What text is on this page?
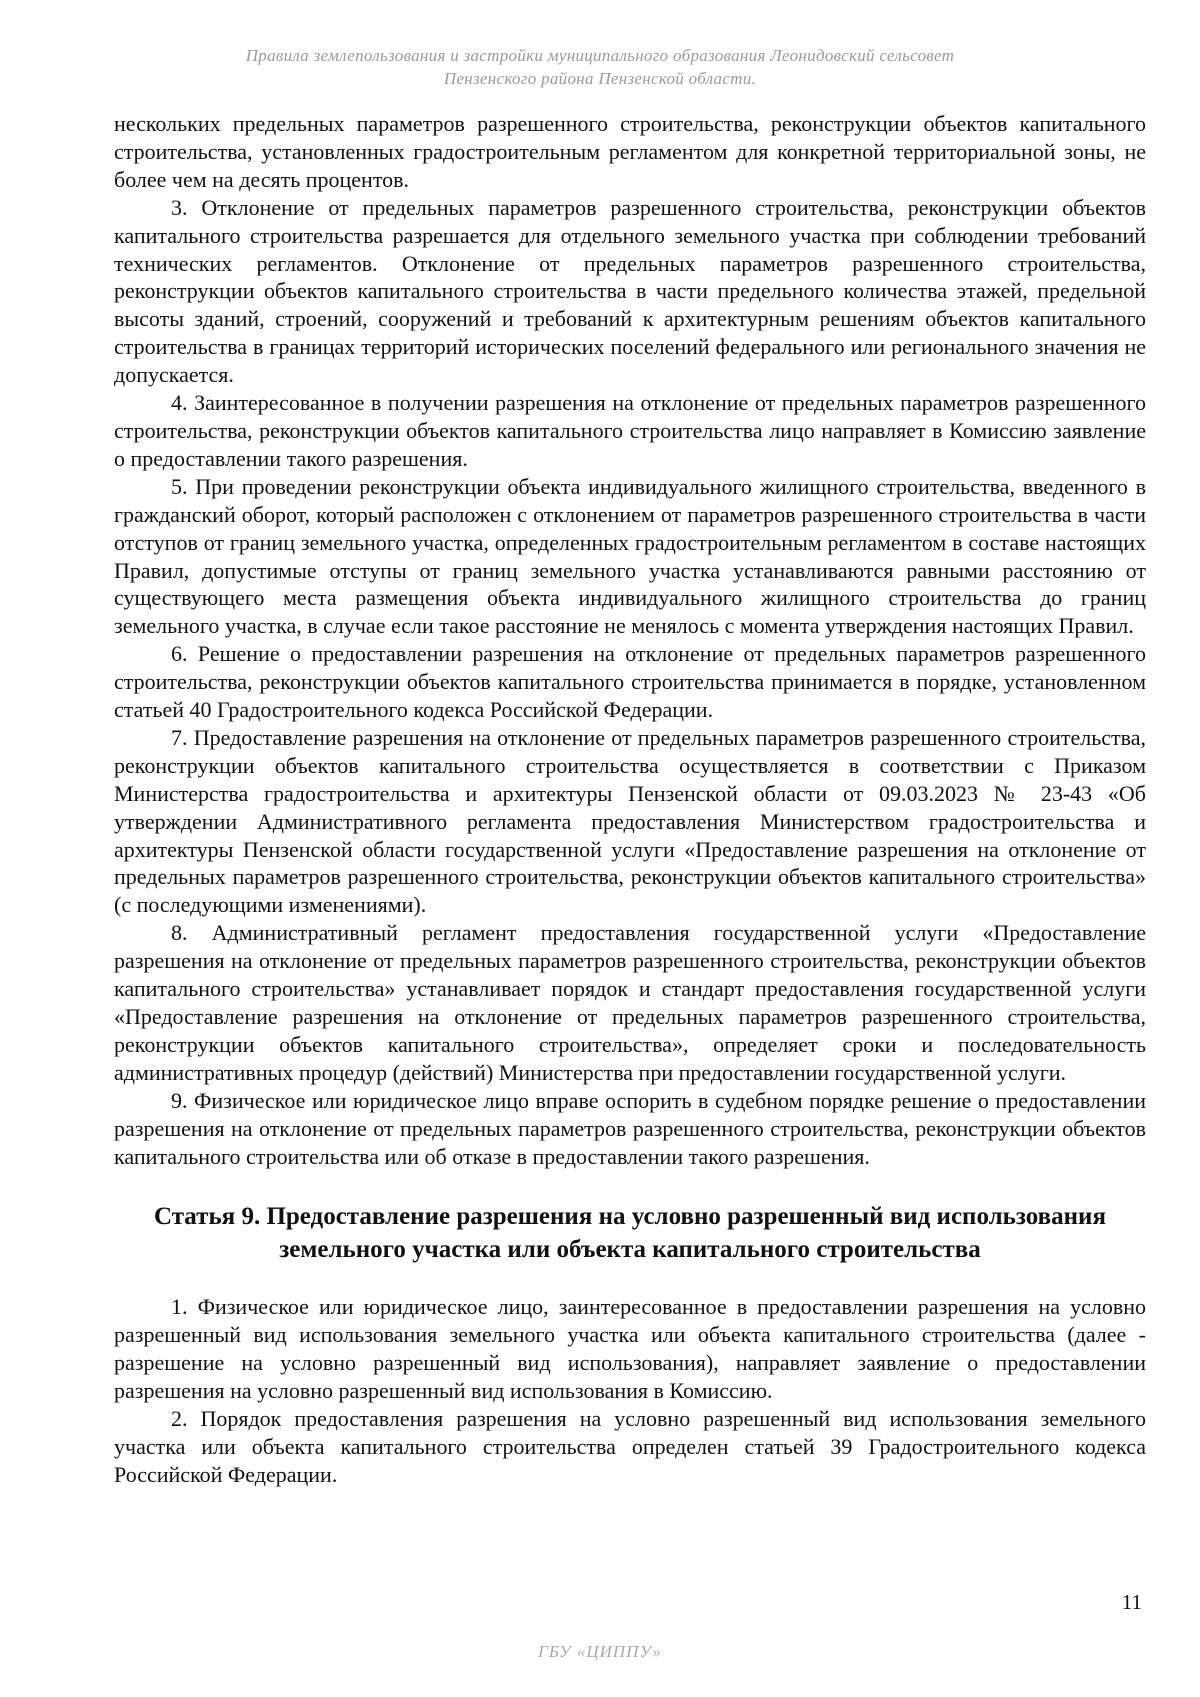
Правила землепользования и застройки муниципального образования Леонидовский сельсовет
Пензенского района Пензенской области.

нескольких предельных параметров разрешенного строительства, реконструкции объектов капитального строительства, установленных градостроительным регламентом для конкретной территориальной зоны, не более чем на десять процентов.

3. Отклонение от предельных параметров разрешенного строительства, реконструкции объектов капитального строительства разрешается для отдельного земельного участка при соблюдении требований технических регламентов. Отклонение от предельных параметров разрешенного строительства, реконструкции объектов капитального строительства в части предельного количества этажей, предельной высоты зданий, строений, сооружений и требований к архитектурным решениям объектов капитального строительства в границах территорий исторических поселений федерального или регионального значения не допускается.

4. Заинтересованное в получении разрешения на отклонение от предельных параметров разрешенного строительства, реконструкции объектов капитального строительства лицо направляет в Комиссию заявление о предоставлении такого разрешения.

5. При проведении реконструкции объекта индивидуального жилищного строительства, введенного в гражданский оборот, который расположен с отклонением от параметров разрешенного строительства в части отступов от границ земельного участка, определенных градостроительным регламентом в составе настоящих Правил, допустимые отступы от границ земельного участка устанавливаются равными расстоянию от существующего места размещения объекта индивидуального жилищного строительства до границ земельного участка, в случае если такое расстояние не менялось с момента утверждения настоящих Правил.

6. Решение о предоставлении разрешения на отклонение от предельных параметров разрешенного строительства, реконструкции объектов капитального строительства принимается в порядке, установленном статьей 40 Градостроительного кодекса Российской Федерации.

7. Предоставление разрешения на отклонение от предельных параметров разрешенного строительства, реконструкции объектов капитального строительства осуществляется в соответствии с Приказом Министерства градостроительства и архитектуры Пензенской области от 09.03.2023 № 23-43 «Об утверждении Административного регламента предоставления Министерством градостроительства и архитектуры Пензенской области государственной услуги «Предоставление разрешения на отклонение от предельных параметров разрешенного строительства, реконструкции объектов капитального строительства» (с последующими изменениями).

8. Административный регламент предоставления государственной услуги «Предоставление разрешения на отклонение от предельных параметров разрешенного строительства, реконструкции объектов капитального строительства» устанавливает порядок и стандарт предоставления государственной услуги «Предоставление разрешения на отклонение от предельных параметров разрешенного строительства, реконструкции объектов капитального строительства», определяет сроки и последовательность административных процедур (действий) Министерства при предоставлении государственной услуги.

9. Физическое или юридическое лицо вправе оспорить в судебном порядке решение о предоставлении разрешения на отклонение от предельных параметров разрешенного строительства, реконструкции объектов капитального строительства или об отказе в предоставлении такого разрешения.

Статья 9. Предоставление разрешения на условно разрешенный вид использования земельного участка или объекта капитального строительства

1. Физическое или юридическое лицо, заинтересованное в предоставлении разрешения на условно разрешенный вид использования земельного участка или объекта капитального строительства (далее - разрешение на условно разрешенный вид использования), направляет заявление о предоставлении разрешения на условно разрешенный вид использования в Комиссию.

2. Порядок предоставления разрешения на условно разрешенный вид использования земельного участка или объекта капитального строительства определен статьей 39 Градостроительного кодекса Российской Федерации.

11
ГБУ «ЦИППУ»
